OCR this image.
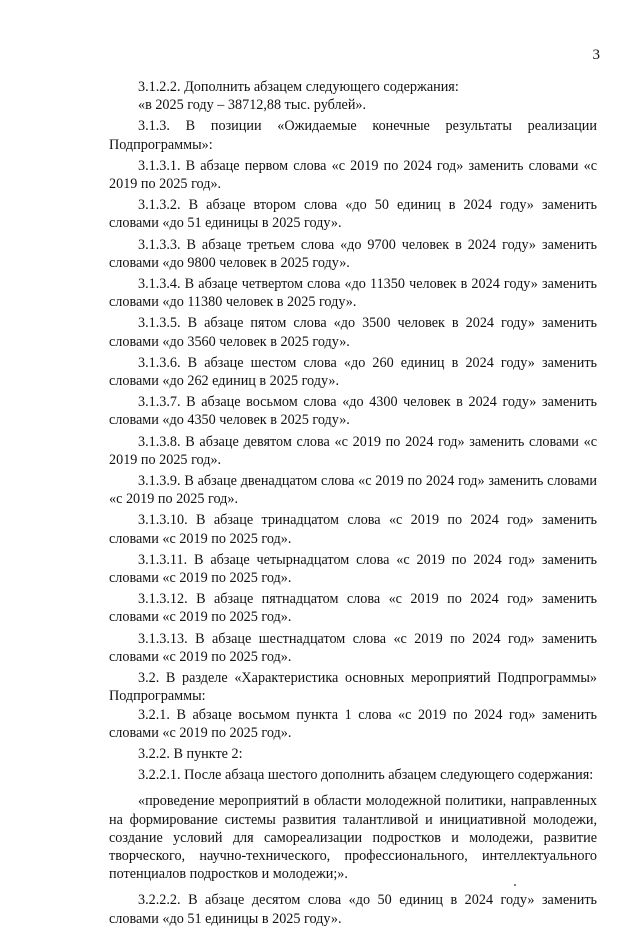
3

3.1.2.2. Дополнить абзацем следующего содержания:

«в 2025 году – 38712,88 тыс. рублей».

3.1.3. В позиции «Ожидаемые конечные результаты реализации Подпрограммы»:

3.1.3.1. В абзаце первом слова «с 2019 по 2024 год» заменить словами «с 2019 по 2025 год».

3.1.3.2. В абзаце втором слова «до 50 единиц в 2024 году» заменить словами «до 51 единицы в 2025 году».

3.1.3.3. В абзаце третьем слова «до 9700 человек в 2024 году» заменить словами «до 9800 человек в 2025 году».

3.1.3.4. В абзаце четвертом слова «до 11350 человек в 2024 году» заменить словами «до 11380 человек в 2025 году».

3.1.3.5. В абзаце пятом слова «до 3500 человек в 2024 году» заменить словами «до 3560 человек в 2025 году».

3.1.3.6. В абзаце шестом слова «до 260 единиц в 2024 году» заменить словами «до 262 единиц в 2025 году».

3.1.3.7. В абзаце восьмом слова «до 4300 человек в 2024 году» заменить словами «до 4350 человек в 2025 году».

3.1.3.8. В абзаце девятом слова «с 2019 по 2024 год» заменить словами «с 2019 по 2025 год».

3.1.3.9. В абзаце двенадцатом слова «с 2019 по 2024 год» заменить словами «с 2019 по 2025 год».

3.1.3.10. В абзаце тринадцатом слова «с 2019 по 2024 год» заменить словами «с 2019 по 2025 год».

3.1.3.11. В абзаце четырнадцатом слова «с 2019 по 2024 год» заменить словами «с 2019 по 2025 год».

3.1.3.12. В абзаце пятнадцатом слова «с 2019 по 2024 год» заменить словами «с 2019 по 2025 год».

3.1.3.13. В абзаце шестнадцатом слова «с 2019 по 2024 год» заменить словами «с 2019 по 2025 год».

3.2. В разделе «Характеристика основных мероприятий Подпрограммы» Подпрограммы:

3.2.1. В абзаце восьмом пункта 1 слова «с 2019 по 2024 год» заменить словами «с 2019 по 2025 год».

3.2.2. В пункте 2:

3.2.2.1. После абзаца шестого дополнить абзацем следующего содержания:

«проведение мероприятий в области молодежной политики, направленных на формирование системы развития талантливой и инициативной молодежи, создание условий для самореализации подростков и молодежи, развитие творческого, научно-технического, профессионального, интеллектуального потенциалов подростков и молодежи;».

3.2.2.2. В абзаце десятом слова «до 50 единиц в 2024 году» заменить словами «до 51 единицы в 2025 году».
